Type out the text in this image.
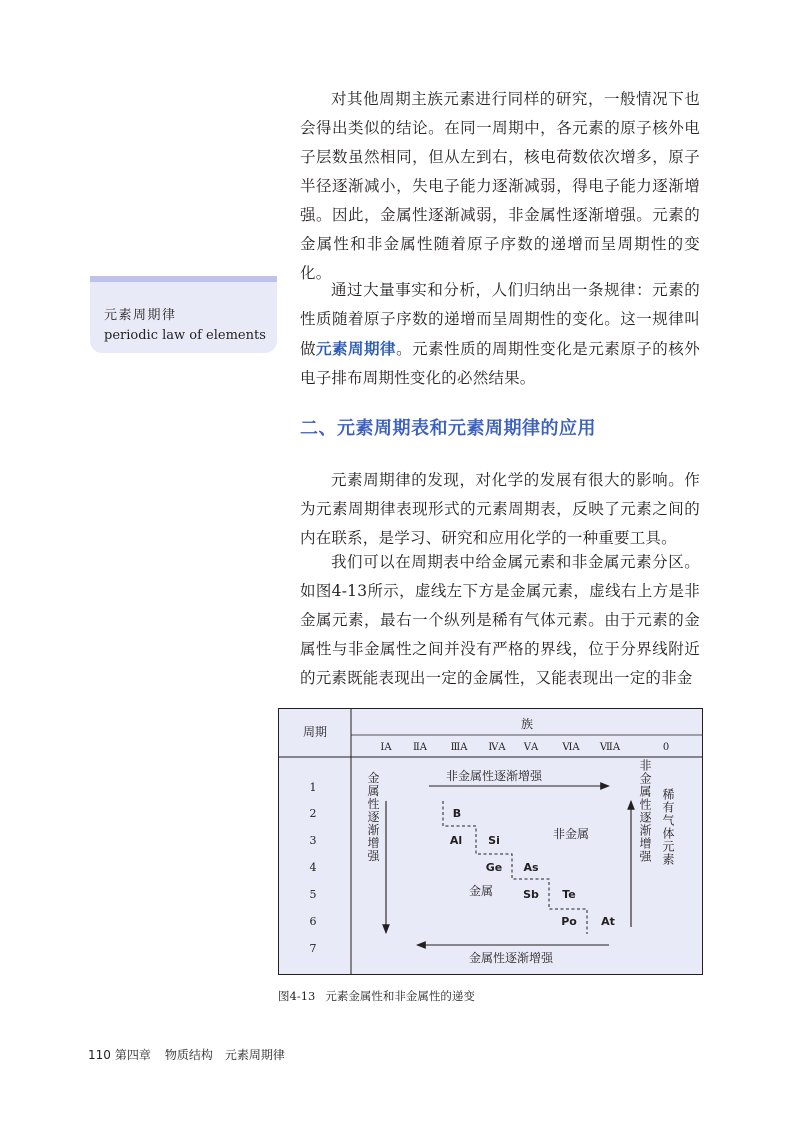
对其他周期主族元素进行同样的研究，一般情况下也会得出类似的结论。在同一周期中，各元素的原子核外电子层数虽然相同，但从左到右，核电荷数依次增多，原子半径逐渐减小，失电子能力逐渐减弱，得电子能力逐渐增强。因此，金属性逐渐减弱，非金属性逐渐增强。元素的金属性和非金属性随着原子序数的递增而呈周期性的变化。

元素周期律
periodic law of elements

通过大量事实和分析，人们归纳出一条规律：元素的性质随着原子序数的递增而呈周期性的变化。这一规律叫做元素周期律。元素性质的周期性变化是元素原子的核外电子排布周期性变化的必然结果。

二、元素周期表和元素周期律的应用

元素周期律的发现，对化学的发展有很大的影响。作为元素周期律表现形式的元素周期表，反映了元素之间的内在联系，是学习、研究和应用化学的一种重要工具。

我们可以在周期表中给金属元素和非金属元素分区。如图4-13所示，虚线左下方是金属元素，虚线右上方是非金属元素，最右一个纵列是稀有气体元素。由于元素的金属性与非金属性之间并没有严格的界线，位于分界线附近的元素既能表现出一定的金属性，又能表现出一定的非金

周期
族
ⅠA ⅡA ⅢA ⅣA ⅤA ⅥA ⅦA	0
1
2
3
4
5
6
7
非金属性逐渐增强
金属性逐渐增强	非金属性逐渐增强 稀有气体元素
金属性逐渐增强
非金属
金属
B
Al Si
Ge As
Sb Te
Po At
图4-13 元素金属性和非金属性的递变
110 第四章 物质结构　元素周期律
